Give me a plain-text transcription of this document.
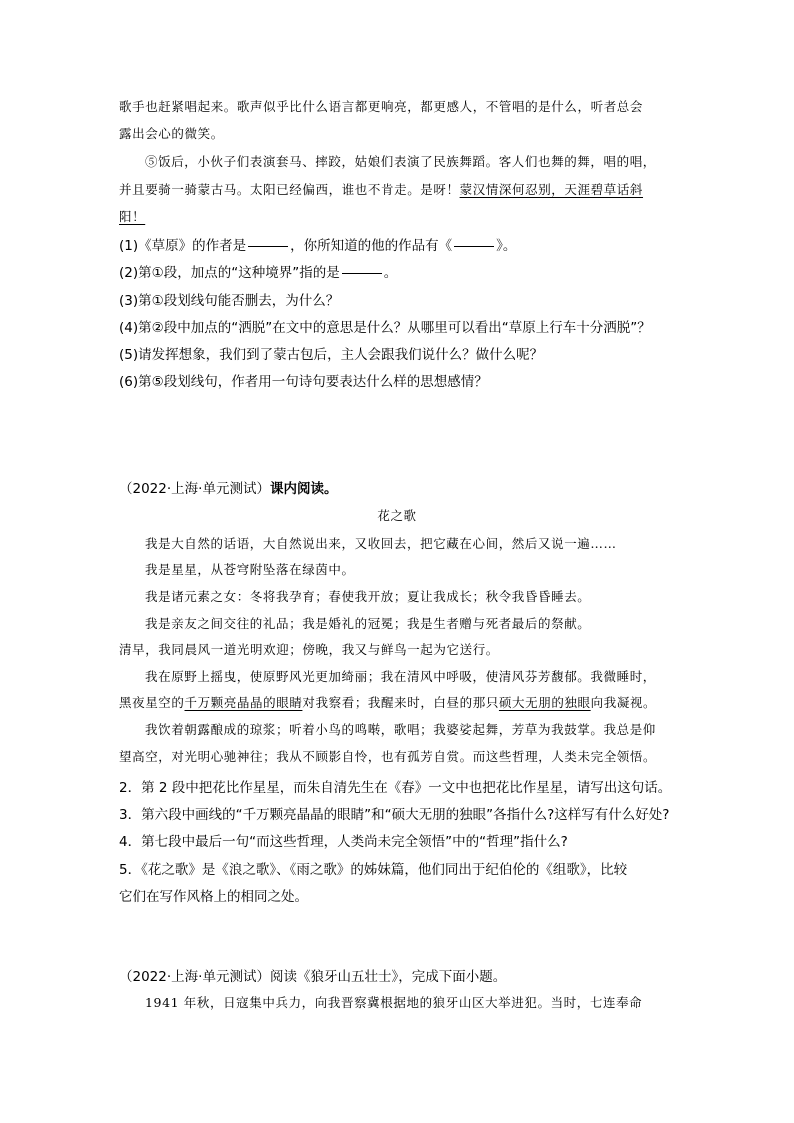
歌手也赶紧唱起来。歌声似乎比什么语言都更响亮，都更感人，不管唱的是什么，听者总会
露出会心的微笑。
⑤饭后，小伙子们表演套马、摔跤，姑娘们表演了民族舞蹈。客人们也舞的舞，唱的唱，
并且要骑一骑蒙古马。太阳已经偏西，谁也不肯走。是呀！蒙汉情深何忍别，天涯碧草话斜
阳！
(1)《草原》的作者是	，你所知道的他的作品有《	》。
(2)第①段，加点的“这种境界”指的是	。
(3)第①段划线句能否删去，为什么？
(4)第②段中加点的“洒脱”在文中的意思是什么？从哪里可以看出“草原上行车十分洒脱”？
(5)请发挥想象，我们到了蒙古包后，主人会跟我们说什么？做什么呢？
(6)第⑤段划线句，作者用一句诗句要表达什么样的思想感情？
（2022·上海·单元测试）课内阅读。
花之歌
我是大自然的话语，大自然说出来，又收回去，把它藏在心间，然后又说一遍……
我是星星，从苍穹附坠落在绿茵中。
我是诸元素之女：冬将我孕育；春使我开放；夏让我成长；秋令我昏昏睡去。
我是亲友之间交往的礼品；我是婚礼的冠冕；我是生者赠与死者最后的祭献。
清早，我同晨风一道光明欢迎；傍晚，我又与鲜鸟一起为它送行。
我在原野上摇曳，使原野风光更加绮丽；我在清风中呼吸，使清风芬芳馥郁。我微睡时，
黑夜星空的千万颗亮晶晶的眼睛对我察看；我醒来时，白昼的那只硕大无朋的独眼向我凝视。
我饮着朝露酿成的琼浆；听着小鸟的鸣啭，歌唱；我婆娑起舞，芳草为我鼓掌。我总是仰
望高空，对光明心驰神往；我从不顾影自怜，也有孤芳自赏。而这些哲理，人类未完全领悟。
2．第 2 段中把花比作星星，而朱自清先生在《春》一文中也把花比作星星，请写出这句话。
3．第六段中画线的“千万颗亮晶晶的眼睛”和“硕大无朋的独眼”各指什么?这样写有什么好处?
4．第七段中最后一句“而这些哲理，人类尚未完全领悟”中的“哲理”指什么?
5．《花之歌》是《浪之歌》、《雨之歌》的姊妹篇，他们同出于纪伯伦的《组歌》，比较
它们在写作风格上的相同之处。
（2022·上海·单元测试）阅读《狼牙山五壮士》，完成下面小题。
1941 年秋，日寇集中兵力，向我晋察冀根据地的狼牙山区大举进犯。当时，七连奉命
